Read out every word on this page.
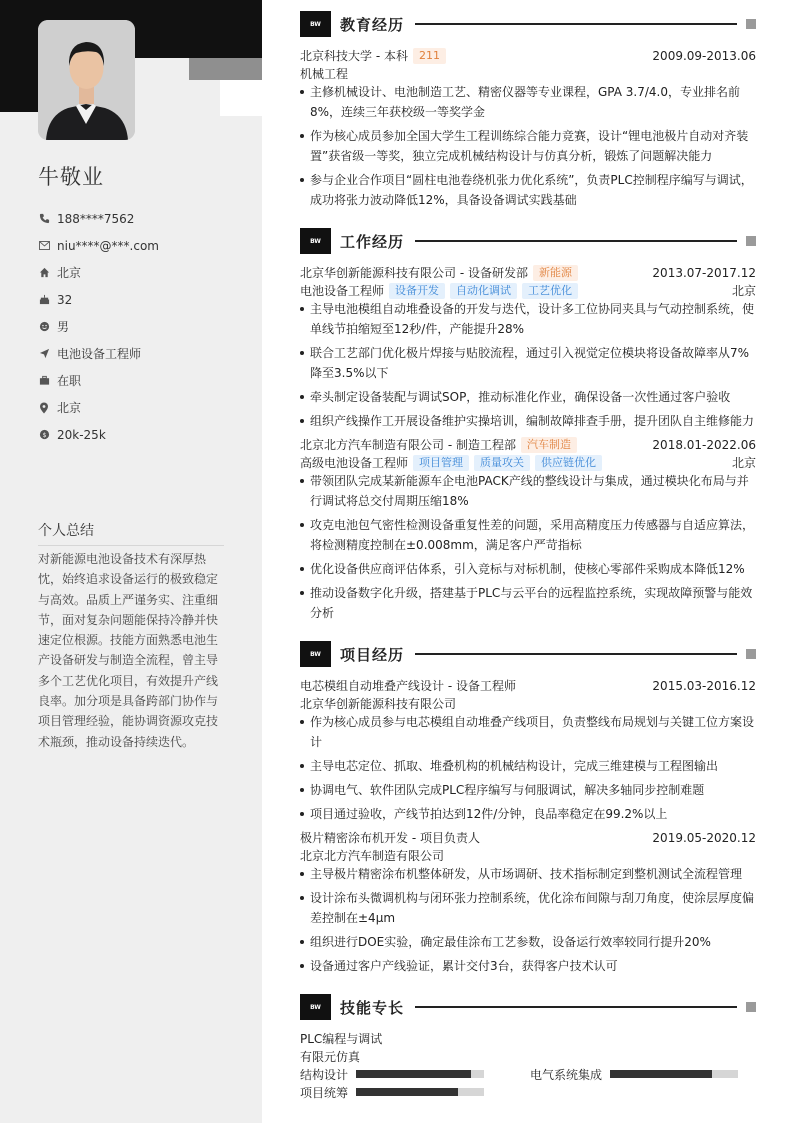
牛敬业
188****7562
niu****@***.com
北京
32
男
电池设备工程师
在职
北京
$ 20k-25k
个人总结
对新能源电池设备技术有深厚热忱，始终追求设备运行的极致稳定与高效。品质上严谨务实、注重细节，面对复杂问题能保持冷静并快速定位根源。技能方面熟悉电池生产设备研发与制造全流程，曾主导多个工艺优化项目，有效提升产线良率。加分项是具备跨部门协作与项目管理经验，能协调资源攻克技术瓶颈，推动设备持续迭代。
BW	教育经历
北京科技大学 - 本科	211	2009.09-2013.06
机械工程
主修机械设计、电池制造工艺、精密仪器等专业课程，GPA 3.7/4.0，专业排名前8%，连续三年获校级一等奖学金
作为核心成员参加全国大学生工程训练综合能力竞赛，设计“锂电池极片自动对齐装置”获省级一等奖，独立完成机械结构设计与仿真分析，锻炼了问题解决能力
参与企业合作项目“圆柱电池卷绕机张力优化系统”，负责PLC控制程序编写与调试，成功将张力波动降低12%，具备设备调试实践基础
BW	工作经历
北京华创新能源科技有限公司 - 设备研发部	新能源	2013.07-2017.12
电池设备工程师	设备开发	自动化调试	工艺优化	北京
主导电池模组自动堆叠设备的开发与迭代，设计多工位协同夹具与气动控制系统，使单线节拍缩短至12秒/件，产能提升28%
联合工艺部门优化极片焊接与贴胶流程，通过引入视觉定位模块将设备故障率从7%降至3.5%以下
牵头制定设备装配与调试SOP，推动标准化作业，确保设备一次性通过客户验收
组织产线操作工开展设备维护实操培训，编制故障排查手册，提升团队自主维修能力
北京北方汽车制造有限公司 - 制造工程部	汽车制造	2018.01-2022.06
高级电池设备工程师	项目管理	质量攻关	供应链优化	北京
带领团队完成某新能源车企电池PACK产线的整线设计与集成，通过模块化布局与并行调试将总交付周期压缩18%
攻克电池包气密性检测设备重复性差的问题，采用高精度压力传感器与自适应算法，将检测精度控制在±0.008mm，满足客户严苛指标
优化设备供应商评估体系，引入竞标与对标机制，使核心零部件采购成本降低12%
推动设备数字化升级，搭建基于PLC与云平台的远程监控系统，实现故障预警与能效分析
BW	项目经历
电芯模组自动堆叠产线设计 - 设备工程师	2015.03-2016.12
北京华创新能源科技有限公司
作为核心成员参与电芯模组自动堆叠产线项目，负责整线布局规划与关键工位方案设计
主导电芯定位、抓取、堆叠机构的机械结构设计，完成三维建模与工程图输出
协调电气、软件团队完成PLC程序编写与伺服调试，解决多轴同步控制难题
项目通过验收，产线节拍达到12件/分钟，良品率稳定在99.2%以上
极片精密涂布机开发 - 项目负责人	2019.05-2020.12
北京北方汽车制造有限公司
主导极片精密涂布机整体研发，从市场调研、技术指标制定到整机测试全流程管理
设计涂布头微调机构与闭环张力控制系统，优化涂布间隙与刮刀角度，使涂层厚度偏差控制在±4μm
组织进行DOE实验，确定最佳涂布工艺参数，设备运行效率较同行提升20%
设备通过客户产线验证，累计交付3台，获得客户技术认可
BW	技能专长
PLC编程与调试
有限元仿真
结构设计	电气系统集成
项目统筹
